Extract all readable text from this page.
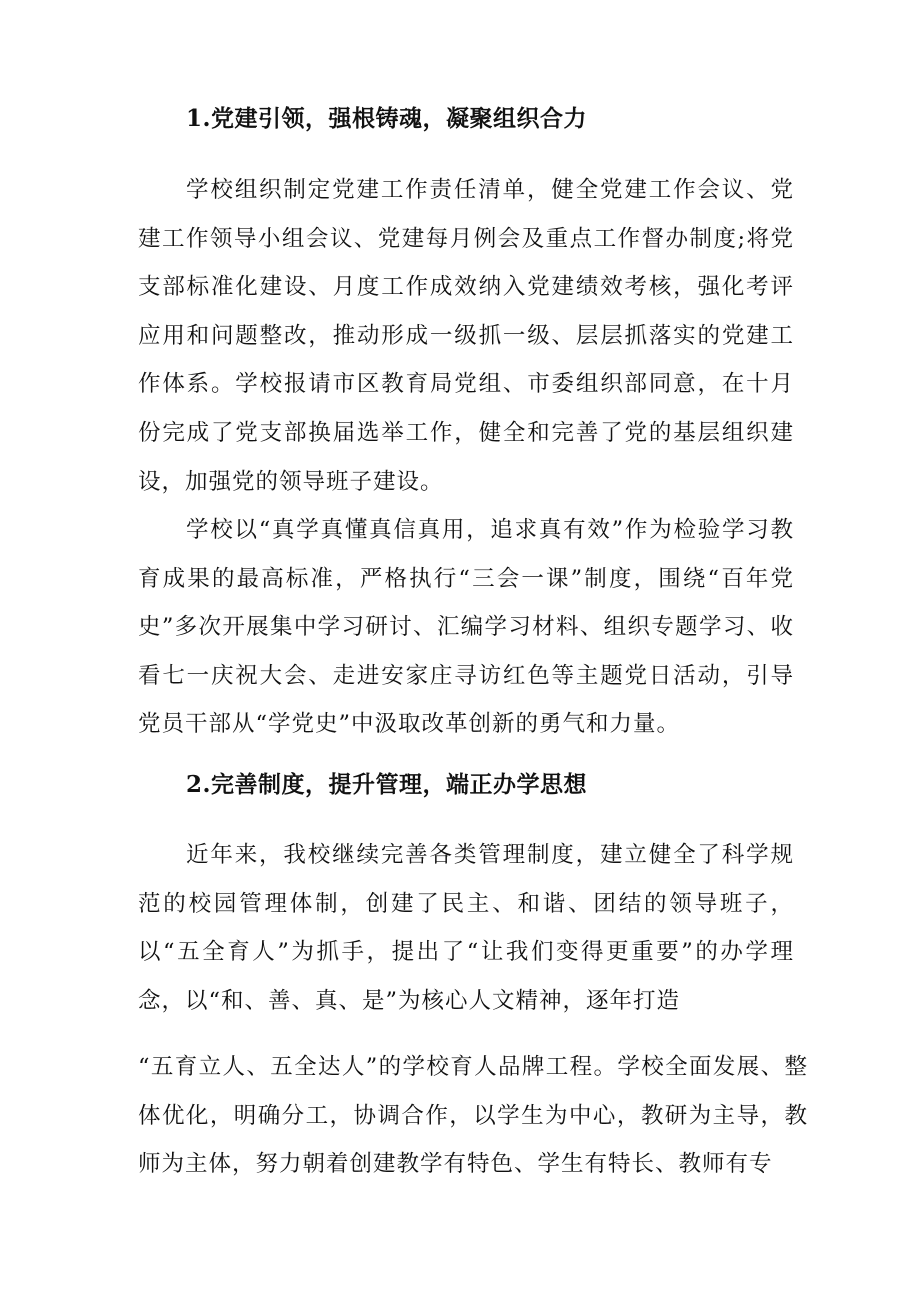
1.党建引领，强根铸魂，凝聚组织合力

学校组织制定党建工作责任清单，健全党建工作会议、党建工作领导小组会议、党建每月例会及重点工作督办制度;将党支部标准化建设、月度工作成效纳入党建绩效考核，强化考评应用和问题整改，推动形成一级抓一级、层层抓落实的党建工作体系。学校报请市区教育局党组、市委组织部同意，在十月份完成了党支部换届选举工作，健全和完善了党的基层组织建设，加强党的领导班子建设。

学校以“真学真懂真信真用，追求真有效”作为检验学习教育成果的最高标准，严格执行“三会一课”制度，围绕“百年党史”多次开展集中学习研讨、汇编学习材料、组织专题学习、收看七一庆祝大会、走进安家庄寻访红色等主题党日活动，引导党员干部从“学党史”中汲取改革创新的勇气和力量。

2.完善制度，提升管理，端正办学思想

近年来，我校继续完善各类管理制度，建立健全了科学规范的校园管理体制，创建了民主、和谐、团结的领导班子，以“五全育人”为抓手，提出了“让我们变得更重要”的办学理念，以“和、善、真、是”为核心人文精神，逐年打造

“五育立人、五全达人”的学校育人品牌工程。学校全面发展、整体优化，明确分工，协调合作，以学生为中心，教研为主导，教师为主体，努力朝着创建教学有特色、学生有特长、教师有专
